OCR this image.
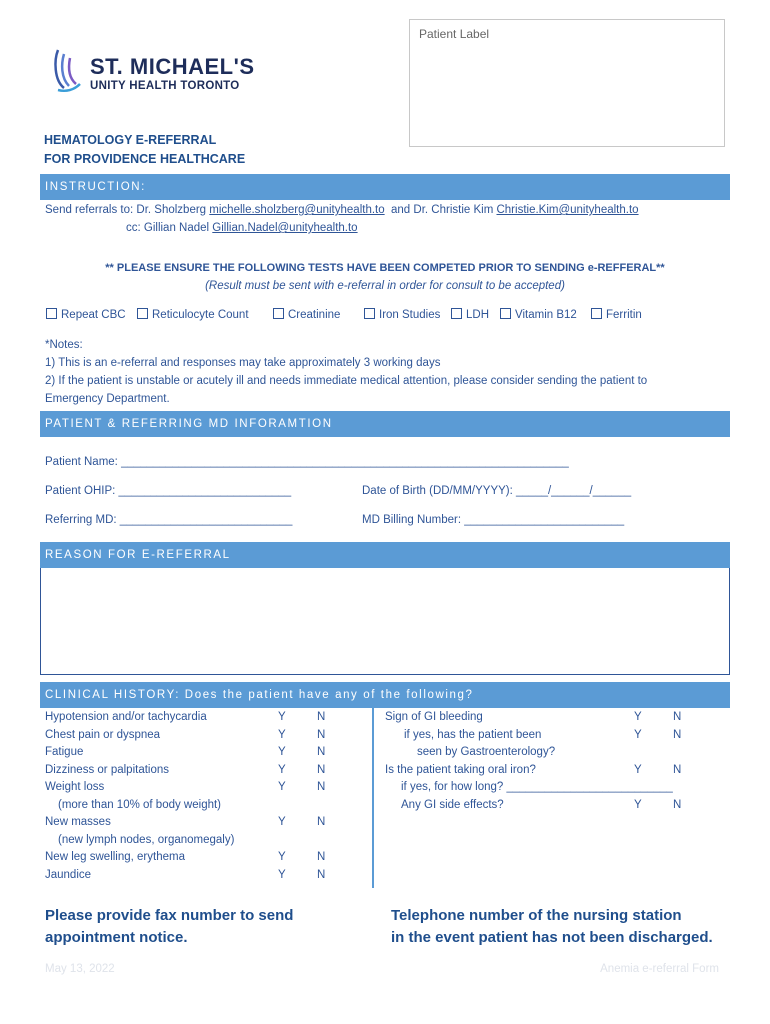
ST. MICHAEL'S
UNITY HEALTH TORONTO
Patient Label
HEMATOLOGY E-REFERRAL
FOR PROVIDENCE HEALTHCARE
INSTRUCTION:
Send referrals to: Dr. Sholzberg michelle.sholzberg@unityhealth.to and Dr. Christie Kim Christie.Kim@unityhealth.to
cc: Gillian Nadel Gillian.Nadel@unityhealth.to
** PLEASE ENSURE THE FOLLOWING TESTS HAVE BEEN COMPETED PRIOR TO SENDING e-REFFERAL**
(Result must be sent with e-referral in order for consult to be accepted)
Repeat CBC	Reticulocyte Count	Creatinine	Iron Studies	LDH	Vitamin B12	Ferritin
*Notes:
1) This is an e-referral and responses may take approximately 3 working days
2) If the patient is unstable or acutely ill and needs immediate medical attention, please consider sending the patient to
Emergency Department.
PATIENT & REFERRING MD INFORAMTION
Patient Name: ______________________________________________________________________
Patient OHIP: ___________________________	Date of Birth (DD/MM/YYYY): _____/______/______
Referring MD: ___________________________	MD Billing Number: _________________________
REASON FOR E-REFERRAL
CLINICAL HISTORY: Does the patient have any of the following?
Hypotension and/or tachycardia	Y	N
Chest pain or dyspnea	Y	N
Fatigue	Y	N
Dizziness or palpitations	Y	N
Weight loss	Y	N
(more than 10% of body weight)
New masses	Y	N
(new lymph nodes, organomegaly)
New leg swelling, erythema	Y	N
Jaundice	Y	N
Sign of GI bleeding	Y	N
if yes, has the patient been	Y	N
seen by Gastroenterology?
Is the patient taking oral iron?	Y	N
if yes, for how long? __________________________
Any GI side effects?	Y	N
Please provide fax number to send
appointment notice.
Telephone number of the nursing station
in the event patient has not been discharged.
May 13, 2022	Anemia e-referral Form
